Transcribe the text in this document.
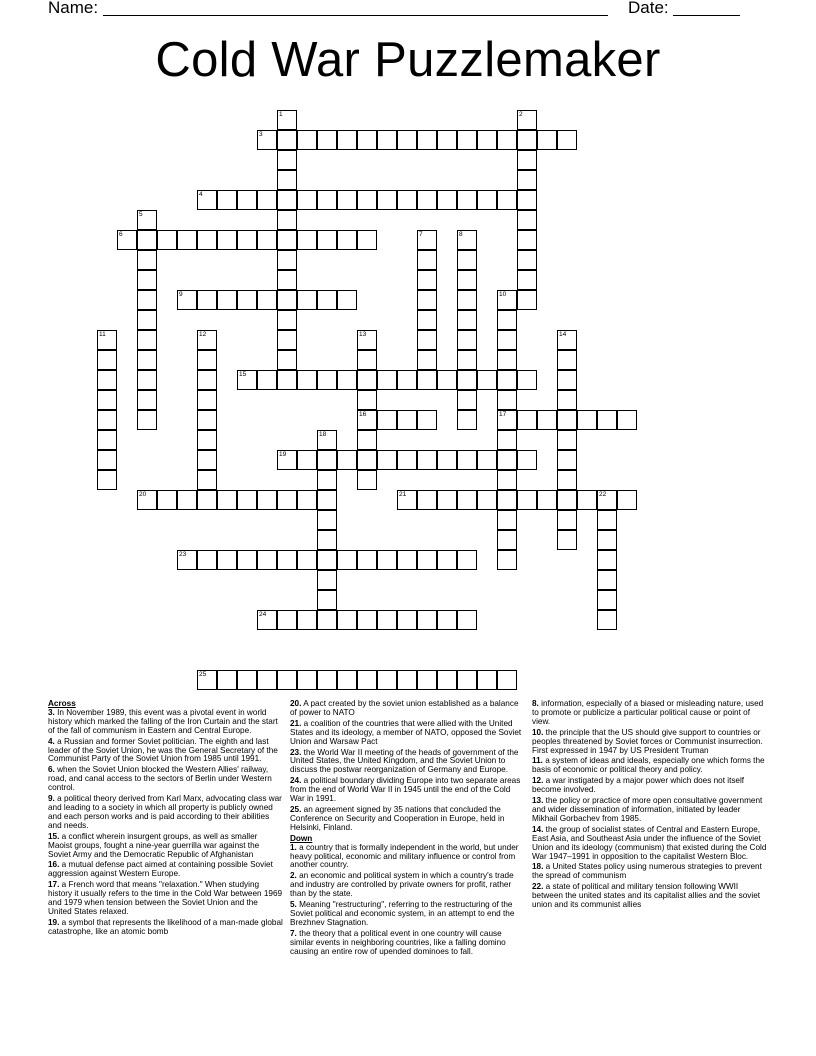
Name:	Date:
Cold War Puzzlemaker
1	2
3
4
5
6	7	8
9	10
17
11	12	13
16
14
15
18
19
20	21	22
23
24
25

Across

3. In November 1989, this event was a pivotal event in world history which marked the falling of the Iron Curtain and the start of the fall of communism in Eastern and Central Europe.

4. a Russian and former Soviet politician. The eighth and last leader of the Soviet Union, he was the General Secretary of the Communist Party of the Soviet Union from 1985 until 1991.

6. when the Soviet Union blocked the Western Allies' railway, road, and canal access to the sectors of Berlin under Western control.

9. a political theory derived from Karl Marx, advocating class war and leading to a society in which all property is publicly owned and each person works and is paid according to their abilities and needs.

15. a conflict wherein insurgent groups, as well as smaller Maoist groups, fought a nine-year guerrilla war against the Soviet Army and the Democratic Republic of Afghanistan

16. a mutual defense pact aimed at containing possible Soviet aggression against Western Europe.

17. a French word that means "relaxation." When studying history it usually refers to the time in the Cold War between 1969 and 1979 when tension between the Soviet Union and the United States relaxed.

19. a symbol that represents the likelihood of a man-made global catastrophe, like an atomic bomb

20. A pact created by the soviet union established as a balance of power to NATO

21. a coalition of the countries that were allied with the United States and its ideology, a member of NATO, opposed the Soviet Union and Warsaw Pact

23. the World War II meeting of the heads of government of the United States, the United Kingdom, and the Soviet Union to discuss the postwar reorganization of Germany and Europe.

24. a political boundary dividing Europe into two separate areas from the end of World War II in 1945 until the end of the Cold War in 1991.

25. an agreement signed by 35 nations that concluded the Conference on Security and Cooperation in Europe, held in Helsinki, Finland.

Down

1. a country that is formally independent in the world, but under heavy political, economic and military influence or control from another country.

2. an economic and political system in which a country's trade and industry are controlled by private owners for profit, rather than by the state.

5. Meaning "restructuring", referring to the restructuring of the Soviet political and economic system, in an attempt to end the Brezhnev Stagnation.

7. the theory that a political event in one country will cause similar events in neighboring countries, like a falling domino causing an entire row of upended dominoes to fall.

8. information, especially of a biased or misleading nature, used to promote or publicize a particular political cause or point of view.

10. the principle that the US should give support to countries or peoples threatened by Soviet forces or Communist insurrection. First expressed in 1947 by US President Truman

11. a system of ideas and ideals, especially one which forms the basis of economic or political theory and policy.

12. a war instigated by a major power which does not itself become involved.

13. the policy or practice of more open consultative government and wider dissemination of information, initiated by leader Mikhail Gorbachev from 1985.

14. the group of socialist states of Central and Eastern Europe, East Asia, and Southeast Asia under the influence of the Soviet Union and its ideology (communism) that existed during the Cold War 1947–1991 in opposition to the capitalist Western Bloc.

18. a United States policy using numerous strategies to prevent the spread of communism

22. a state of political and military tension following WWII between the united states and its capitalist allies and the soviet union and its communist allies
